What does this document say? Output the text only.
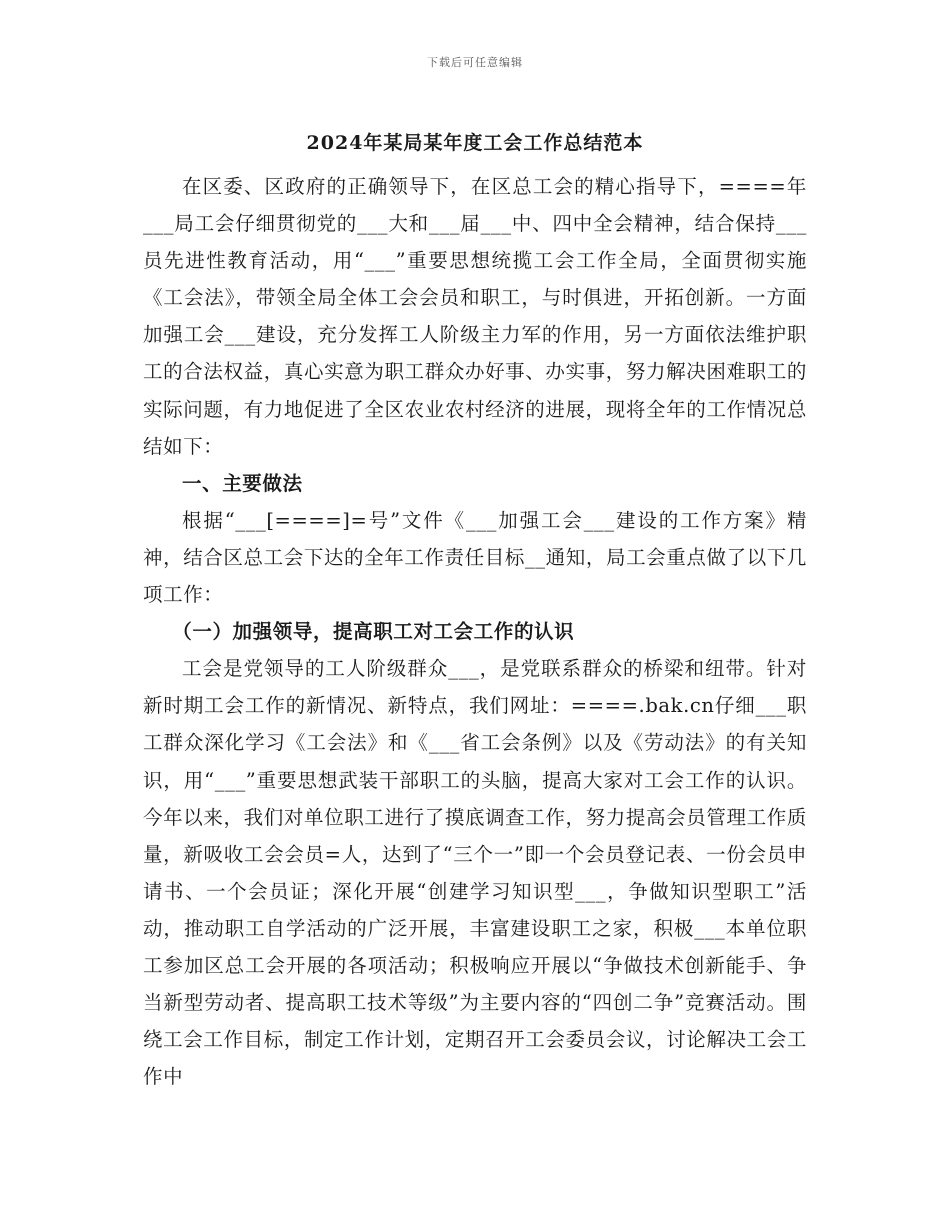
下载后可任意编辑
2024年某局某年度工会工作总结范本

在区委、区政府的正确领导下，在区总工会的精心指导下，====年___局工会仔细贯彻党的___大和___届___中、四中全会精神，结合保持___员先进性教育活动，用“___”重要思想统揽工会工作全局，全面贯彻实施《工会法》，带领全局全体工会会员和职工，与时俱进，开拓创新。一方面加强工会___建设，充分发挥工人阶级主力军的作用，另一方面依法维护职工的合法权益，真心实意为职工群众办好事、办实事，努力解决困难职工的实际问题，有力地促进了全区农业农村经济的进展，现将全年的工作情况总结如下：

一、主要做法

根据“___[====]=号”文件《___加强工会___建设的工作方案》精神，结合区总工会下达的全年工作责任目标__通知，局工会重点做了以下几项工作：

（一）加强领导，提高职工对工会工作的认识

工会是党领导的工人阶级群众___，是党联系群众的桥梁和纽带。针对新时期工会工作的新情况、新特点，我们网址：====.bak.cn仔细___职工群众深化学习《工会法》和《___省工会条例》以及《劳动法》的有关知识，用“___”重要思想武装干部职工的头脑，提高大家对工会工作的认识。今年以来，我们对单位职工进行了摸底调查工作，努力提高会员管理工作质量，新吸收工会会员=人，达到了“三个一”即一个会员登记表、一份会员申请书、一个会员证；深化开展“创建学习知识型___，争做知识型职工”活动，推动职工自学活动的广泛开展，丰富建设职工之家，积极___本单位职工参加区总工会开展的各项活动；积极响应开展以“争做技术创新能手、争当新型劳动者、提高职工技术等级”为主要内容的“四创二争”竞赛活动。围绕工会工作目标，制定工作计划，定期召开工会委员会议，讨论解决工会工作中
